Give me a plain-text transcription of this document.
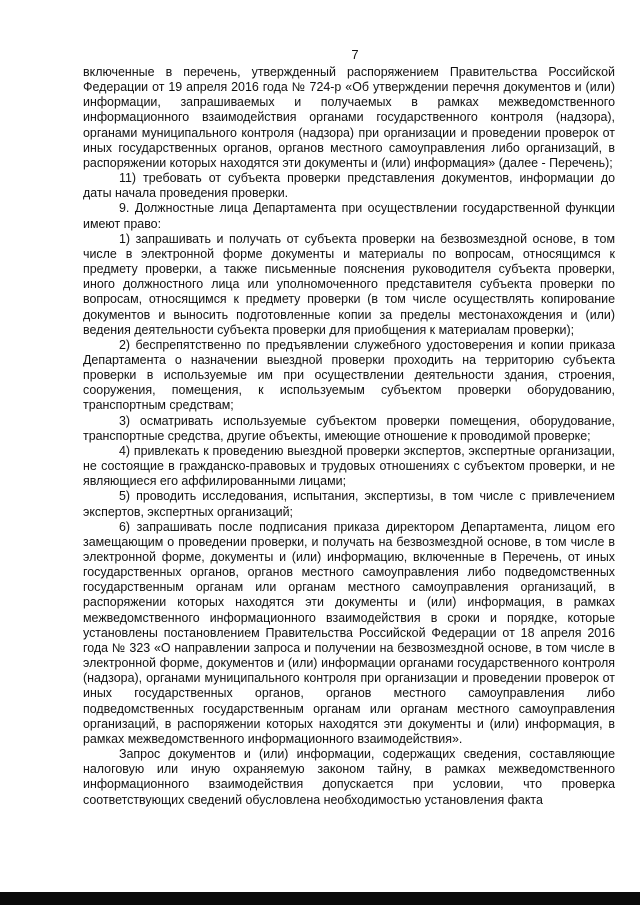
7

включенные в перечень, утвержденный распоряжением Правительства Российской Федерации от 19 апреля 2016 года № 724-р «Об утверждении перечня документов и (или) информации, запрашиваемых и получаемых в рамках межведомственного информационного взаимодействия органами государственного контроля (надзора), органами муниципального контроля (надзора) при организации и проведении проверок от иных государственных органов, органов местного самоуправления либо организаций, в распоряжении которых находятся эти документы и (или) информация» (далее - Перечень);

11) требовать от субъекта проверки представления документов, информации до даты начала проведения проверки.

9. Должностные лица Департамента при осуществлении государственной функции имеют право:

1) запрашивать и получать от субъекта проверки на безвозмездной основе, в том числе в электронной форме документы и материалы по вопросам, относящимся к предмету проверки, а также письменные пояснения руководителя субъекта проверки, иного должностного лица или уполномоченного представителя субъекта проверки по вопросам, относящимся к предмету проверки (в том числе осуществлять копирование документов и выносить подготовленные копии за пределы местонахождения и (или) ведения деятельности субъекта проверки для приобщения к материалам проверки);

2) беспрепятственно по предъявлении служебного удостоверения и копии приказа Департамента о назначении выездной проверки проходить на территорию субъекта проверки в используемые им при осуществлении деятельности здания, строения, сооружения, помещения, к используемым субъектом проверки оборудованию, транспортным средствам;

3) осматривать используемые субъектом проверки помещения, оборудование, транспортные средства, другие объекты, имеющие отношение к проводимой проверке;

4) привлекать к проведению выездной проверки экспертов, экспертные организации, не состоящие в гражданско-правовых и трудовых отношениях с субъектом проверки, и не являющиеся его аффилированными лицами;

5) проводить исследования, испытания, экспертизы, в том числе с привлечением экспертов, экспертных организаций;

6) запрашивать после подписания приказа директором Департамента, лицом его замещающим о проведении проверки, и получать на безвозмездной основе, в том числе в электронной форме, документы и (или) информацию, включенные в Перечень, от иных государственных органов, органов местного самоуправления либо подведомственных государственным органам или органам местного самоуправления организаций, в распоряжении которых находятся эти документы и (или) информация, в рамках межведомственного информационного взаимодействия в сроки и порядке, которые установлены постановлением Правительства Российской Федерации от 18 апреля 2016 года № 323 «О направлении запроса и получении на безвозмездной основе, в том числе в электронной форме, документов и (или) информации органами государственного контроля (надзора), органами муниципального контроля при организации и проведении проверок от иных государственных органов, органов местного самоуправления либо подведомственных государственным органам или органам местного самоуправления организаций, в распоряжении которых находятся эти документы и (или) информация, в рамках межведомственного информационного взаимодействия».

Запрос документов и (или) информации, содержащих сведения, составляющие налоговую или иную охраняемую законом тайну, в рамках межведомственного информационного взаимодействия допускается при условии, что проверка соответствующих сведений обусловлена необходимостью установления факта
